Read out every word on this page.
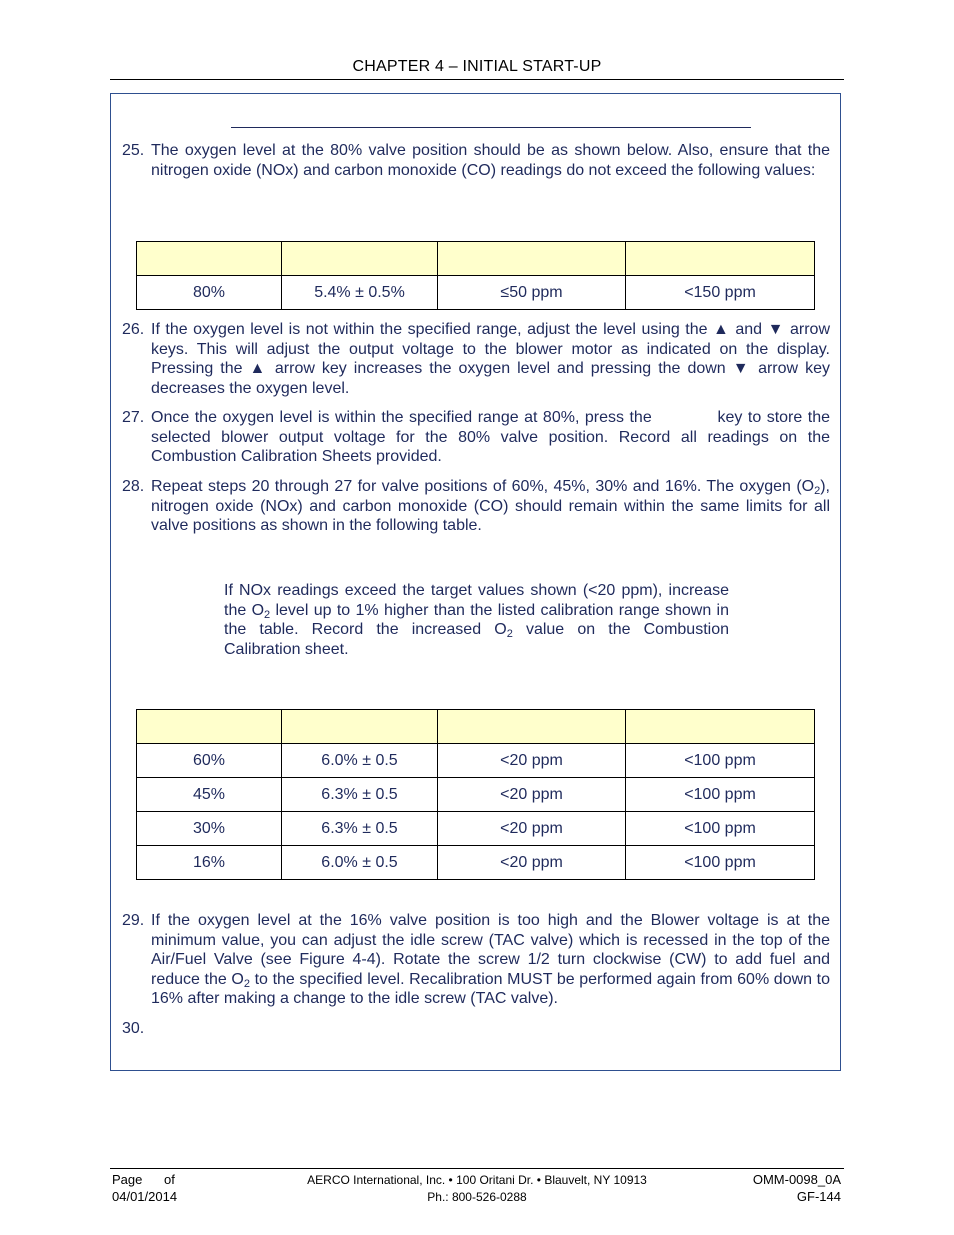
CHAPTER 4 – INITIAL START-UP
25. The oxygen level at the 80% valve position should be as shown below. Also, ensure that the nitrogen oxide (NOx) and carbon monoxide (CO) readings do not exceed the following values:

80%	5.4% ± 0.5%	≤50 ppm	<150 ppm
26. If the oxygen level is not within the specified range, adjust the level using the ▲ and ▼ arrow keys. This will adjust the output voltage to the blower motor as indicated on the display. Pressing the ▲ arrow key increases the oxygen level and pressing the down ▼ arrow key decreases the oxygen level.
27. Once the oxygen level is within the specified range at 80%, press the            key to store the selected blower output voltage for the 80% valve position. Record all readings on the Combustion Calibration Sheets provided.
28. Repeat steps 20 through 27 for valve positions of 60%, 45%, 30% and 16%. The oxygen $(O_2)$, nitrogen oxide (NOx) and carbon monoxide (CO) should remain within the same limits for all valve positions as shown in the following table.
If NOx readings exceed the target values shown (<20 ppm), increase the $O_2$ level up to 1% higher than the listed calibration range shown in the table. Record the increased $O_2$ value on the Combustion Calibration sheet.

60%	6.0% ± 0.5	<20 ppm	<100 ppm
45%	6.3% ± 0.5	<20 ppm	<100 ppm
30%	6.3% ± 0.5	<20 ppm	<100 ppm
16%	6.0% ± 0.5	<20 ppm	<100 ppm
29. If the oxygen level at the 16% valve position is too high and the Blower voltage is at the minimum value, you can adjust the idle screw (TAC valve) which is recessed in the top of the Air/Fuel Valve (see Figure 4-4). Rotate the screw 1/2 turn clockwise (CW) to add fuel and reduce the $O_2$ to the specified level. Recalibration MUST be performed again from 60% down to 16% after making a change to the idle screw (TAC valve).
30.
Page      of
04/01/2014
AERCO International, Inc. • 100 Oritani Dr. • Blauvelt, NY 10913
Ph.: 800-526-0288
OMM-0098_0A
GF-144
